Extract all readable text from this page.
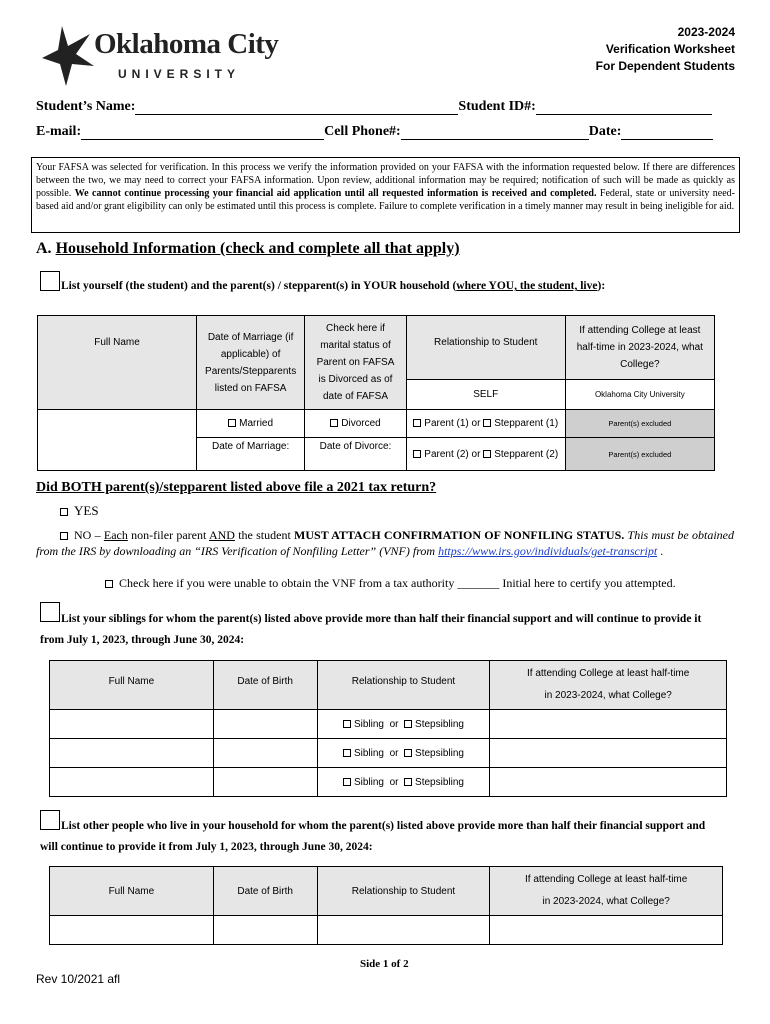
Oklahoma City
UNIVERSITY
2023-2024
Verification Worksheet
For Dependent Students
Student’s Name:	Student ID#:
E-mail:	Cell Phone#:	Date:
Your FAFSA was selected for verification. In this process we verify the information provided on your FAFSA with the information requested below. If there are differences between the two, we may need to correct your FAFSA information. Upon review, additional information may be required; notification of such will be made as quickly as possible. We cannot continue processing your financial aid application until all requested information is received and completed. Federal, state or university need-based aid and/or grant eligibility can only be estimated until this process is complete. Failure to complete verification in a timely manner may result in being ineligible for aid.
A. Household Information (check and complete all that apply)
List yourself (the student) and the parent(s) / stepparent(s) in YOUR household (where YOU, the student, live):
Full Name	Date of Marriage (if applicable) of Parents/Stepparents listed on FAFSA	Check here if marital status of Parent on FAFSA is Divorced as of date of FAFSA	Relationship to Student	If attending College at least half-time in 2023-2024, what College?
			SELF	Oklahoma City University
	Married	Divorced	Parent (1) or Stepparent (1)	Parent(s) excluded
	Date of Marriage:	Date of Divorce:	Parent (2) or Stepparent (2)	Parent(s) excluded
Did BOTH parent(s)/stepparent listed above file a 2021 tax return?
YES
NO – Each non-filer parent AND the student MUST ATTACH CONFIRMATION OF NONFILING STATUS. This must be obtained from the IRS by downloading an “IRS Verification of Nonfiling Letter” (VNF) from https://www.irs.gov/individuals/get-transcript .
Check here if you were unable to obtain the VNF from a tax authority _______ Initial here to certify you attempted.
List your siblings for whom the parent(s) listed above provide more than half their financial support and will continue to provide it from July 1, 2023, through June 30, 2024:
Full Name	Date of Birth	Relationship to Student	If attending College at least half-time
in 2023-2024, what College?

		Sibling or Stepsibling	
		Sibling or Stepsibling	
		Sibling or Stepsibling	
List other people who live in your household for whom the parent(s) listed above provide more than half their financial support and will continue to provide it from July 1, 2023, through June 30, 2024:
Full Name	Date of Birth	Relationship to Student	If attending College at least half-time
in 2023-2024, what College?

Side 1 of 2
Rev 10/2021 afl
